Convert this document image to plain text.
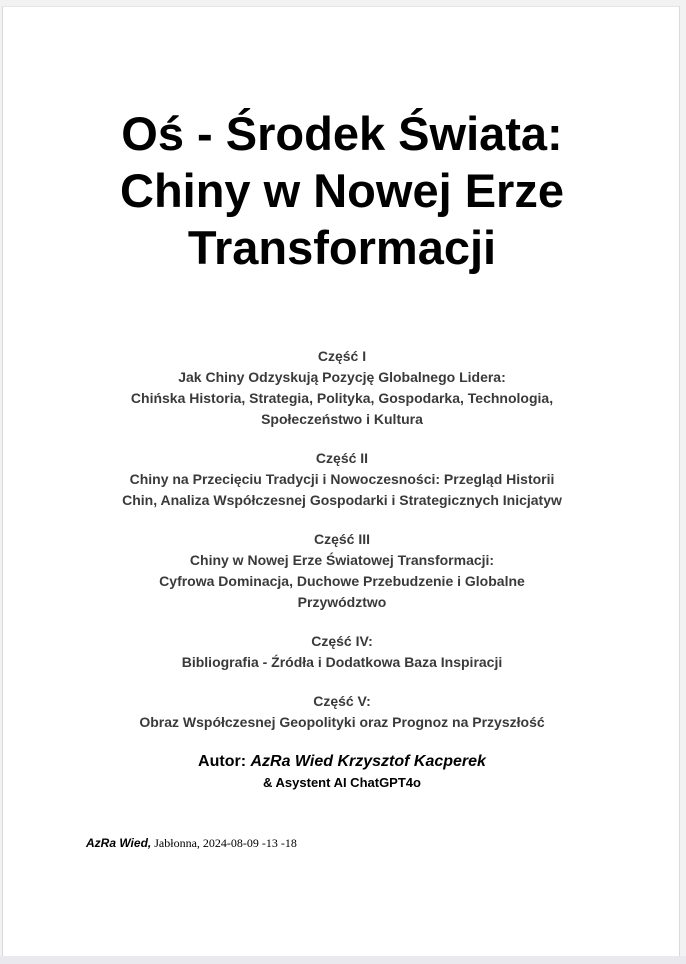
Oś - Środek Świata:
Chiny w Nowej Erze
Transformacji
Część I
Jak Chiny Odzyskują Pozycję Globalnego Lidera:
Chińska Historia, Strategia, Polityka, Gospodarka, Technologia,
Społeczeństwo i Kultura
Część II
Chiny na Przecięciu Tradycji i Nowoczesności: Przegląd Historii
Chin, Analiza Współczesnej Gospodarki i Strategicznych Inicjatyw
Część III
Chiny w Nowej Erze Światowej Transformacji:
Cyfrowa Dominacja, Duchowe Przebudzenie i Globalne
Przywództwo
Część IV:
Bibliografia - Źródła i Dodatkowa Baza Inspiracji
Część V:
Obraz Współczesnej Geopolityki oraz Prognoz na Przyszłość
Autor: AzRa Wied Krzysztof Kacperek
& Asystent AI ChatGPT4o
AzRa Wied, Jabłonna, 2024-08-09 -13 -18
